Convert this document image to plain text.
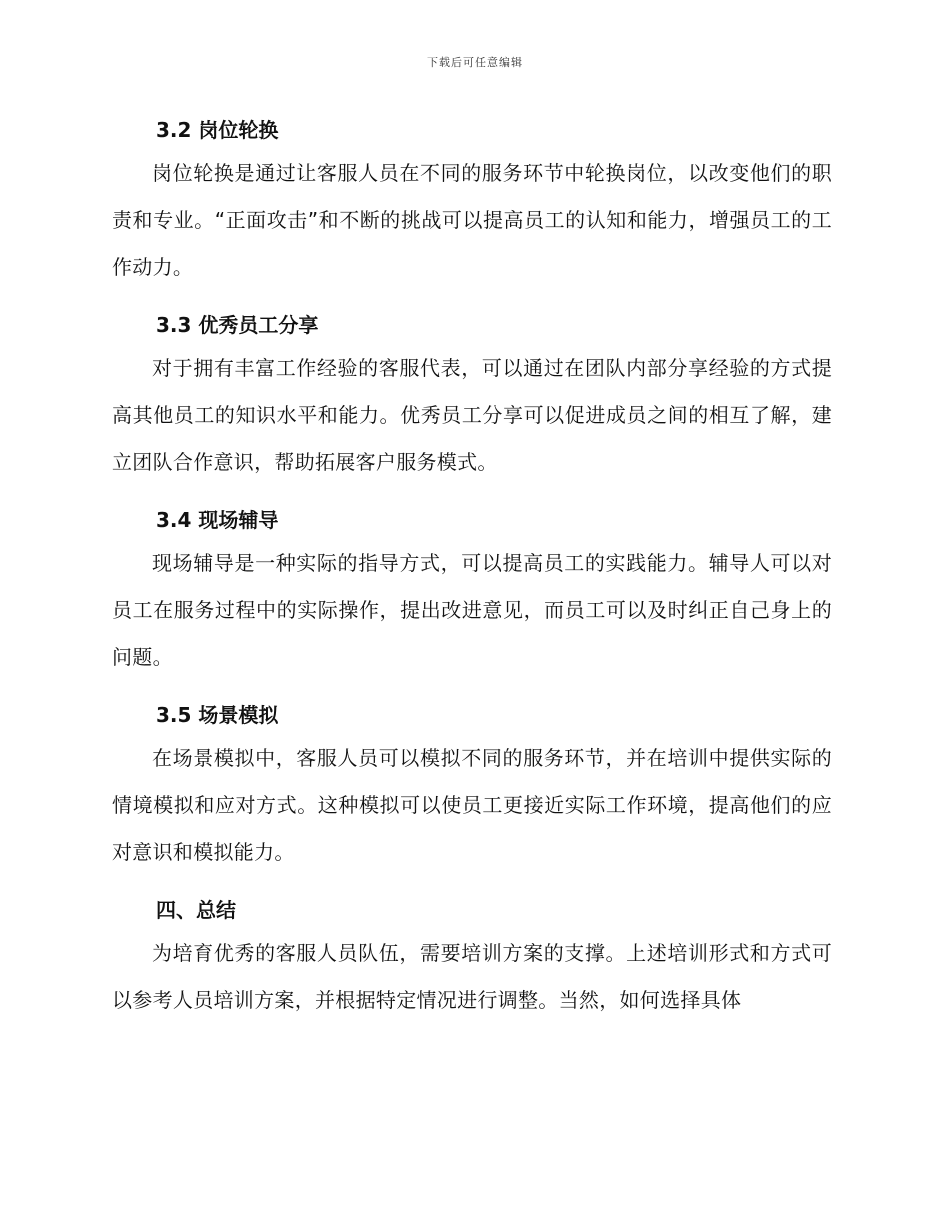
下载后可任意编辑
3.2 岗位轮换

岗位轮换是通过让客服人员在不同的服务环节中轮换岗位，以改变他们的职责和专业。“正面攻击”和不断的挑战可以提高员工的认知和能力，增强员工的工作动力。

3.3 优秀员工分享

对于拥有丰富工作经验的客服代表，可以通过在团队内部分享经验的方式提高其他员工的知识水平和能力。优秀员工分享可以促进成员之间的相互了解，建立团队合作意识，帮助拓展客户服务模式。

3.4 现场辅导

现场辅导是一种实际的指导方式，可以提高员工的实践能力。辅导人可以对员工在服务过程中的实际操作，提出改进意见，而员工可以及时纠正自己身上的问题。

3.5 场景模拟

在场景模拟中，客服人员可以模拟不同的服务环节，并在培训中提供实际的情境模拟和应对方式。这种模拟可以使员工更接近实际工作环境，提高他们的应对意识和模拟能力。

四、总结

为培育优秀的客服人员队伍，需要培训方案的支撑。上述培训形式和方式可以参考人员培训方案，并根据特定情况进行调整。当然，如何选择具体
